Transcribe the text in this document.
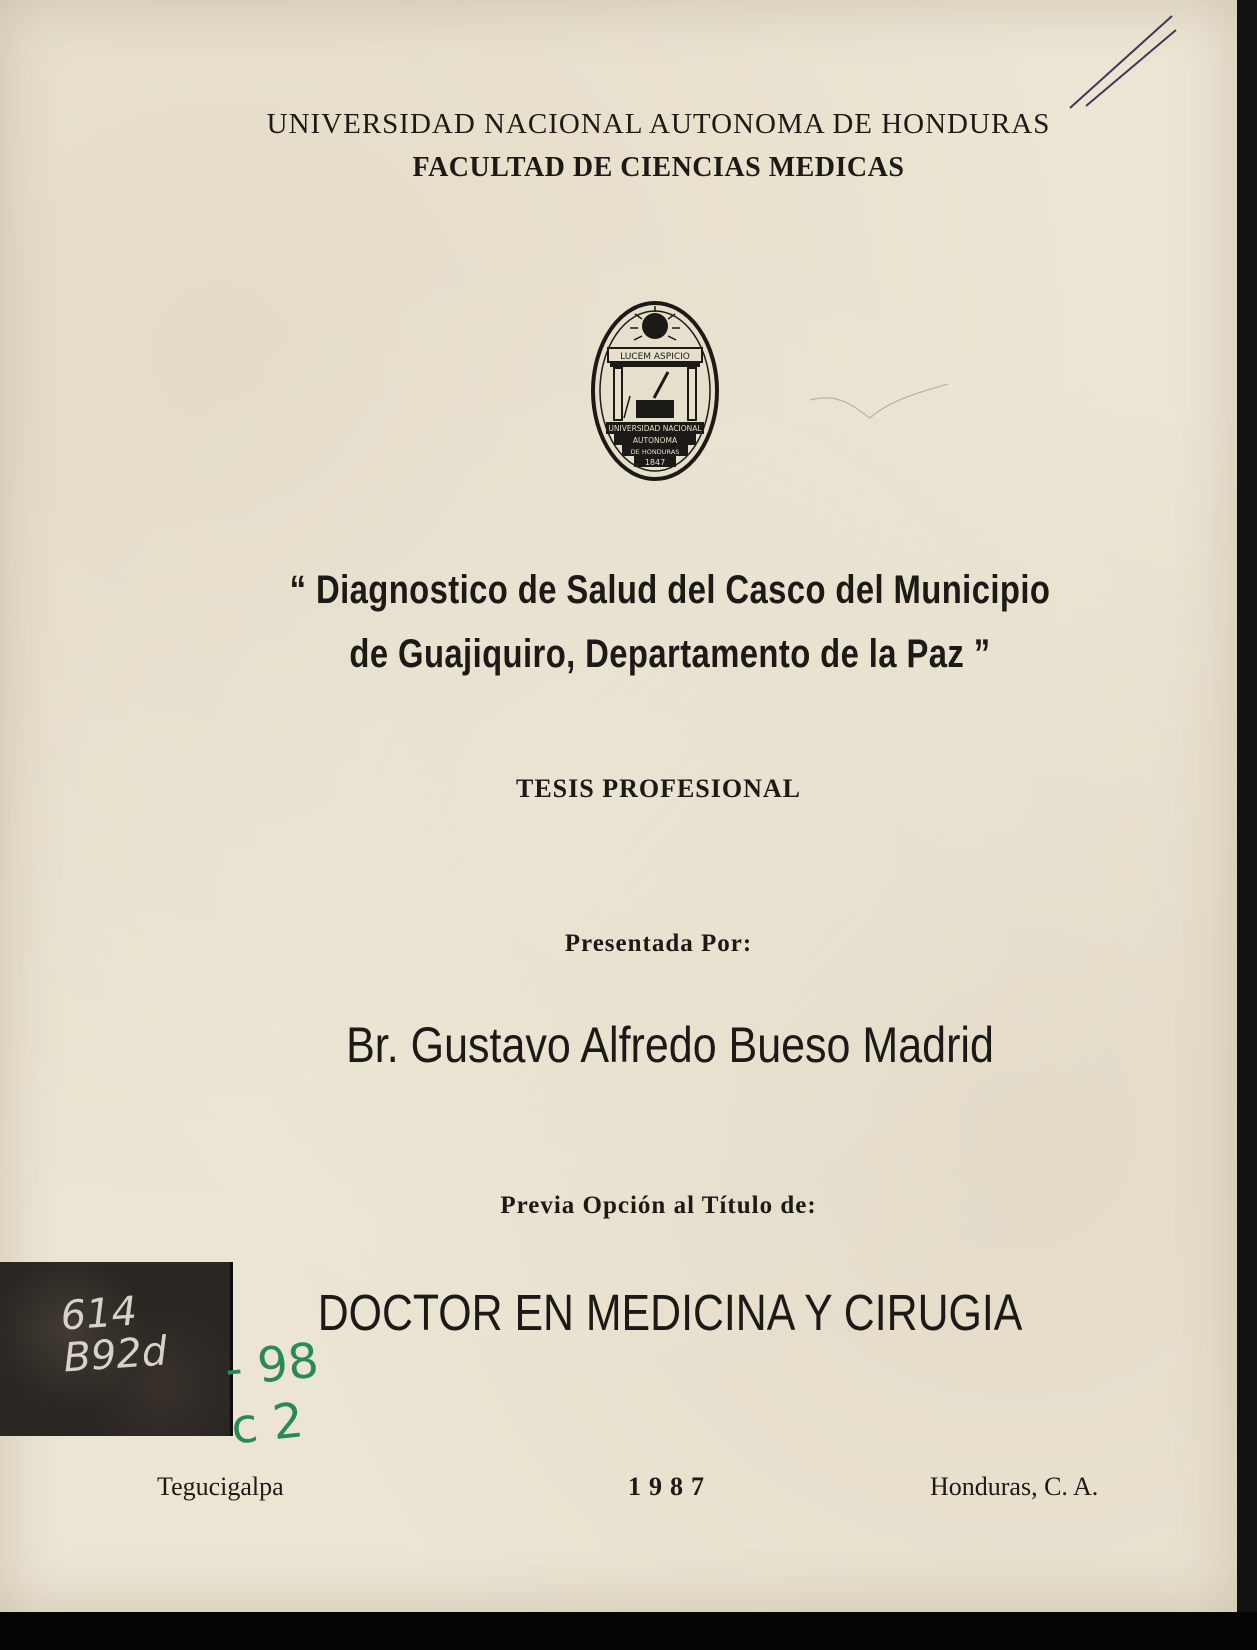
UNIVERSIDAD NACIONAL AUTONOMA DE HONDURAS
FACULTAD DE CIENCIAS MEDICAS
LUCEM ASPICIO
UNIVERSIDAD NACIONAL
AUTONOMA
DE HONDURAS
1847
“ Diagnostico de Salud del Casco del Municipio
de Guajiquiro, Departamento de la Paz ”
TESIS PROFESIONAL
Presentada Por:
Br. Gustavo Alfredo Bueso Madrid
Previa Opción al Título de:
DOCTOR EN MEDICINA Y CIRUGIA
614
B92d - 98
c 2
Tegucigalpa	1987	Honduras, C. A.
